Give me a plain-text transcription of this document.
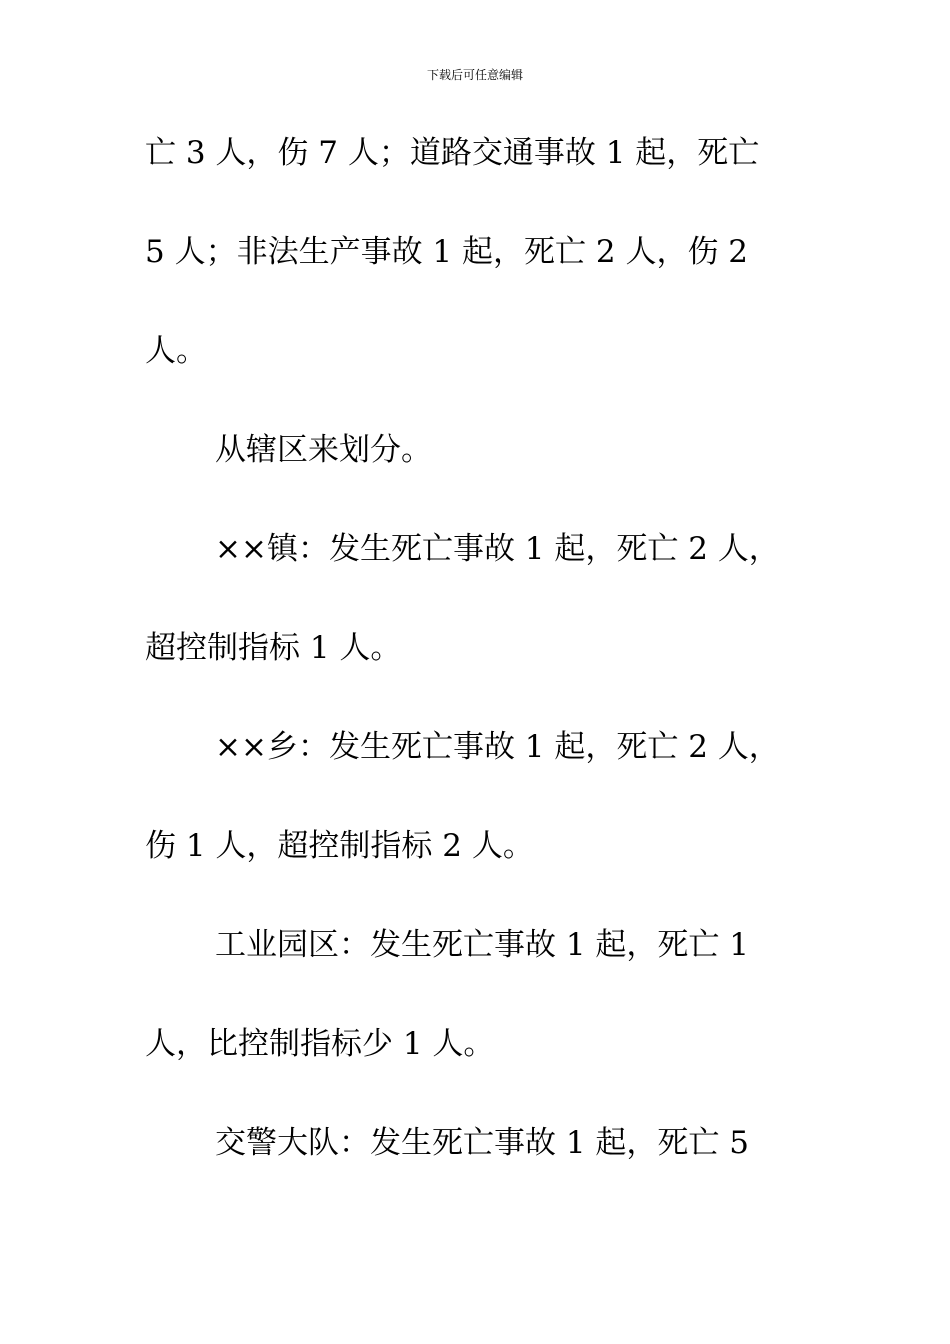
下载后可任意编辑
亡 3 人，伤 7 人；道路交通事故 1 起，死亡
5 人；非法生产事故 1 起，死亡 2 人，伤 2
人。
从辖区来划分。
××镇：发生死亡事故 1 起，死亡 2 人，
超控制指标 1 人。
××乡：发生死亡事故 1 起，死亡 2 人，
伤 1 人，超控制指标 2 人。
工业园区：发生死亡事故 1 起，死亡 1
人，比控制指标少 1 人。
交警大队：发生死亡事故 1 起，死亡 5
